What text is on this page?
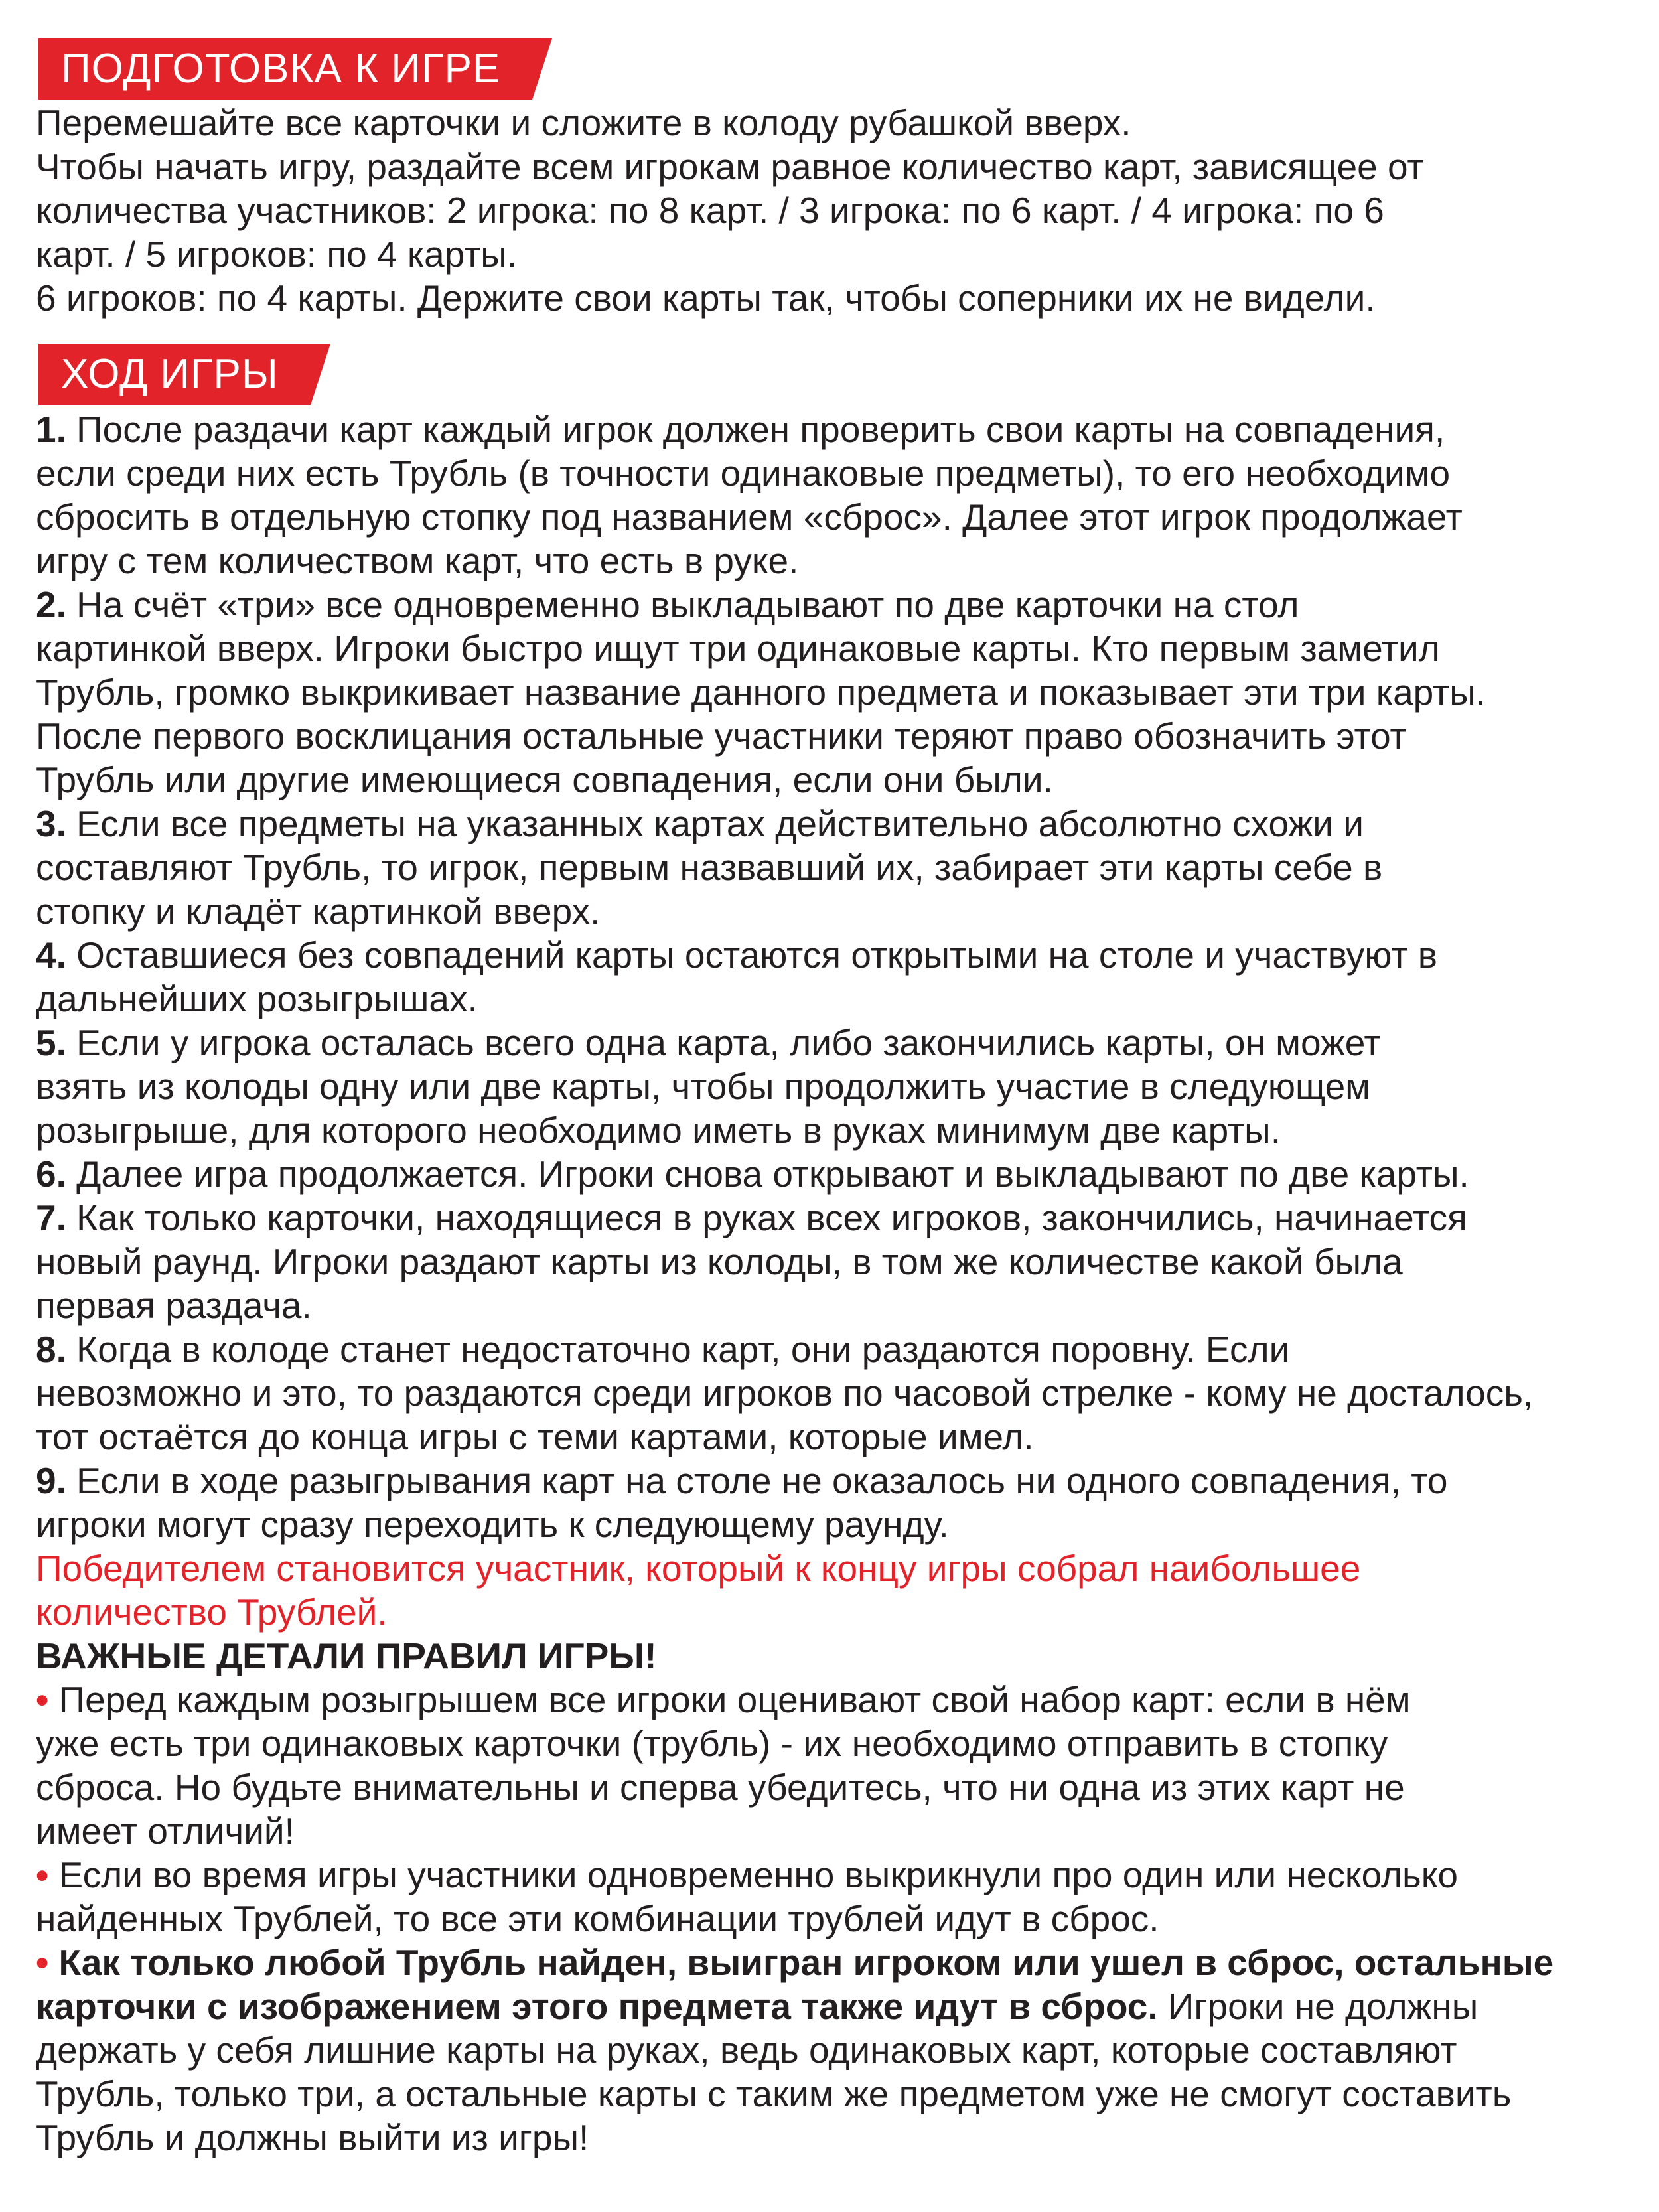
ПОДГОТОВКА К ИГРЕ

Перемешайте все карточки и сложите в колоду рубашкой вверх.

Чтобы начать игру, раздайте всем игрокам равное количество карт, зависящее от

количества участников: 2 игрока: по 8 карт. / 3 игрока: по 6 карт. / 4 игрока: по 6

карт. / 5 игроков: по 4 карты.

6 игроков: по 4 карты. Держите свои карты так, чтобы соперники их не видели.

ХОД ИГРЫ

1. После раздачи карт каждый игрок должен проверить свои карты на совпадения,

если среди них есть Трубль (в точности одинаковые предметы), то его необходимо

сбросить в отдельную стопку под названием «сброс». Далее этот игрок продолжает

игру с тем количеством карт, что есть в руке.

2. На счёт «три» все одновременно выкладывают по две карточки на стол

картинкой вверх. Игроки быстро ищут три одинаковые карты. Кто первым заметил

Трубль, громко выкрикивает название данного предмета и показывает эти три карты.

После первого восклицания остальные участники теряют право обозначить этот

Трубль или другие имеющиеся совпадения, если они были.

3. Если все предметы на указанных картах действительно абсолютно схожи и

составляют Трубль, то игрок, первым назвавший их, забирает эти карты себе в

стопку и кладёт картинкой вверх.

4. Оставшиеся без совпадений карты остаются открытыми на столе и участвуют в

дальнейших розыгрышах.

5. Если у игрока осталась всего одна карта, либо закончились карты, он может

взять из колоды одну или две карты, чтобы продолжить участие в следующем

розыгрыше, для которого необходимо иметь в руках минимум две карты.

6. Далее игра продолжается. Игроки снова открывают и выкладывают по две карты.

7. Как только карточки, находящиеся в руках всех игроков, закончились, начинается

новый раунд. Игроки раздают карты из колоды, в том же количестве какой была

первая раздача.

8. Когда в колоде станет недостаточно карт, они раздаются поровну. Если

невозможно и это, то раздаются среди игроков по часовой стрелке - кому не досталось,

тот остаётся до конца игры с теми картами, которые имел.

9. Если в ходе разыгрывания карт на столе не оказалось ни одного совпадения, то

игроки могут сразу переходить к следующему раунду.

Победителем становится участник, который к концу игры собрал наибольшее

количество Трублей.

ВАЖНЫЕ ДЕТАЛИ ПРАВИЛ ИГРЫ!

• Перед каждым розыгрышем все игроки оценивают свой набор карт: если в нём

уже есть три одинаковых карточки (трубль) - их необходимо отправить в стопку

сброса. Но будьте внимательны и сперва убедитесь, что ни одна из этих карт не

имеет отличий!

• Если во время игры участники одновременно выкрикнули про один или несколько

найденных Трублей, то все эти комбинации трублей идут в сброс.

• Как только любой Трубль найден, выигран игроком или ушел в сброс, остальные

карточки с изображением этого предмета также идут в сброс. Игроки не должны

держать у себя лишние карты на руках, ведь одинаковых карт, которые составляют

Трубль, только три, а остальные карты с таким же предметом уже не смогут составить

Трубль и должны выйти из игры!
